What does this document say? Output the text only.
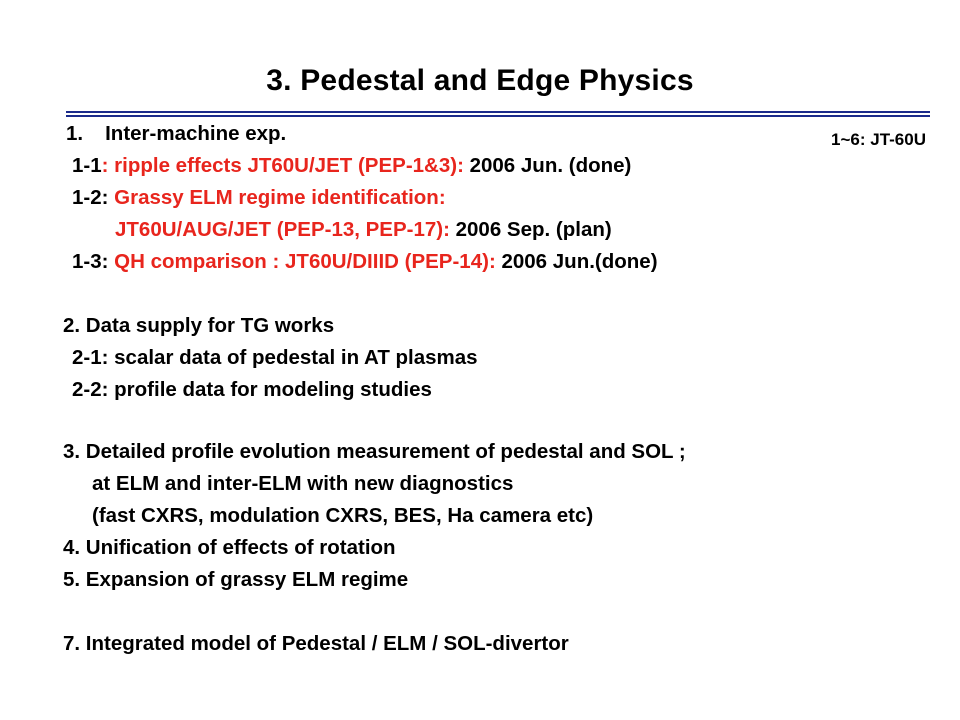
3. Pedestal and Edge Physics
1~6: JT-60U
1. Inter-machine exp.
1-1: ripple effects JT60U/JET (PEP-1&3): 2006 Jun. (done)
1-2: Grassy ELM regime identification:
JT60U/AUG/JET (PEP-13, PEP-17): 2006 Sep. (plan)
1-3: QH comparison : JT60U/DIIID (PEP-14): 2006 Jun.(done)
2. Data supply for TG works
2-1: scalar data of pedestal in AT plasmas
2-2: profile data for modeling studies
3. Detailed profile evolution measurement of pedestal and SOL ;
at ELM and inter-ELM with new diagnostics
(fast CXRS, modulation CXRS, BES, Ha camera etc)
4. Unification of effects of rotation
5. Expansion of grassy ELM regime
7. Integrated model of Pedestal / ELM / SOL-divertor
